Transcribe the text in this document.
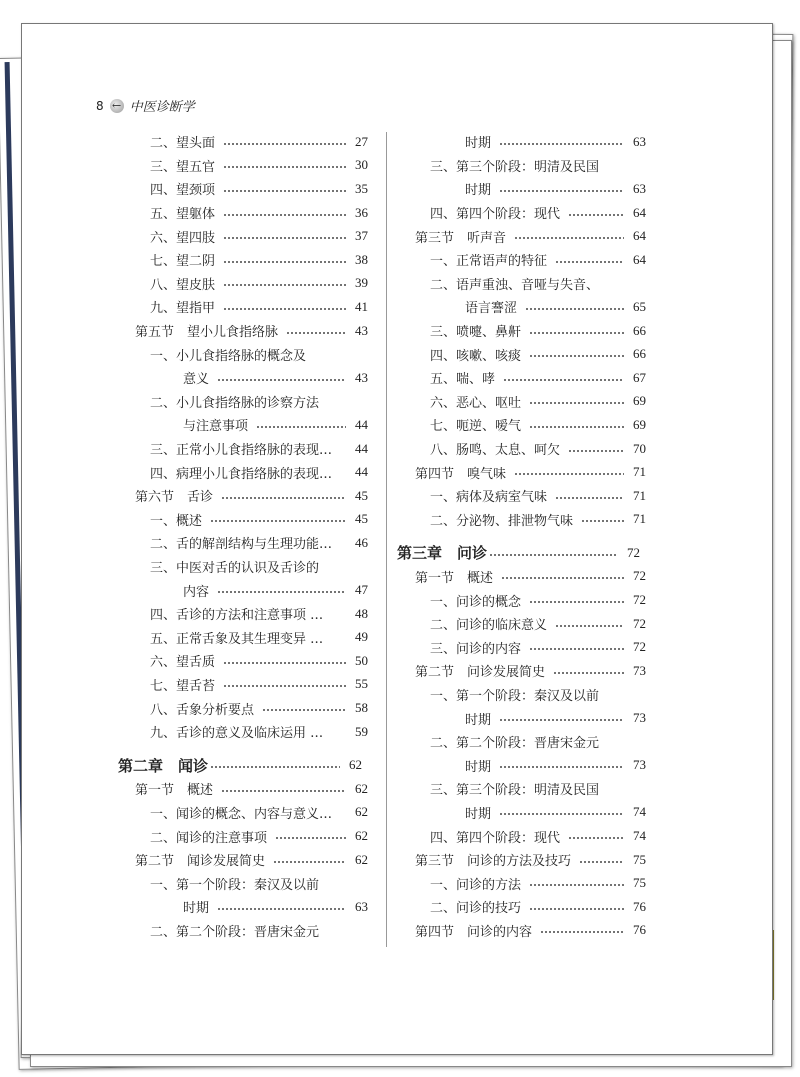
8 ← 中医诊断学
二、望头面	27
三、望五官	30
四、望颈项	35
五、望躯体	36
六、望四肢	37
七、望二阴	38
八、望皮肤	39
九、望指甲	41
第五节　望小儿食指络脉	43
一、小儿食指络脉的概念及
意义	43
二、小儿食指络脉的诊察方法
与注意事项	44
三、正常小儿食指络脉的表现… 44
四、病理小儿食指络脉的表现… 44
第六节　舌诊	45
一、概述	45
二、舌的解剖结构与生理功能… 46
三、中医对舌的认识及舌诊的
内容	47
四、舌诊的方法和注意事项 … 48
五、正常舌象及其生理变异 … 49
六、望舌质	50
七、望舌苔	55
八、舌象分析要点	58
九、舌诊的意义及临床运用 … 59
第二章　闻诊	62
第一节　概述	62
一、闻诊的概念、内容与意义… 62
二、闻诊的注意事项	62
第二节　闻诊发展简史	62
一、第一个阶段：秦汉及以前
时期	63
二、第二个阶段：晋唐宋金元
时期	63
三、第三个阶段：明清及民国
时期	63
四、第四个阶段：现代	64
第三节　听声音	64
一、正常语声的特征	64
二、语声重浊、音哑与失音、
语言謇涩	65
三、喷嚏、鼻鼾	66
四、咳嗽、咳痰	66
五、喘、哮	67
六、恶心、呕吐	69
七、呃逆、嗳气	69
八、肠鸣、太息、呵欠	70
第四节　嗅气味	71
一、病体及病室气味	71
二、分泌物、排泄物气味	71
第三章　问诊	72
第一节　概述	72
一、问诊的概念	72
二、问诊的临床意义	72
三、问诊的内容	72
第二节　问诊发展简史	73
一、第一个阶段：秦汉及以前
时期	73
二、第二个阶段：晋唐宋金元
时期	73
三、第三个阶段：明清及民国
时期	74
四、第四个阶段：现代	74
第三节　问诊的方法及技巧	75
一、问诊的方法	75
二、问诊的技巧	76
第四节　问诊的内容	76
